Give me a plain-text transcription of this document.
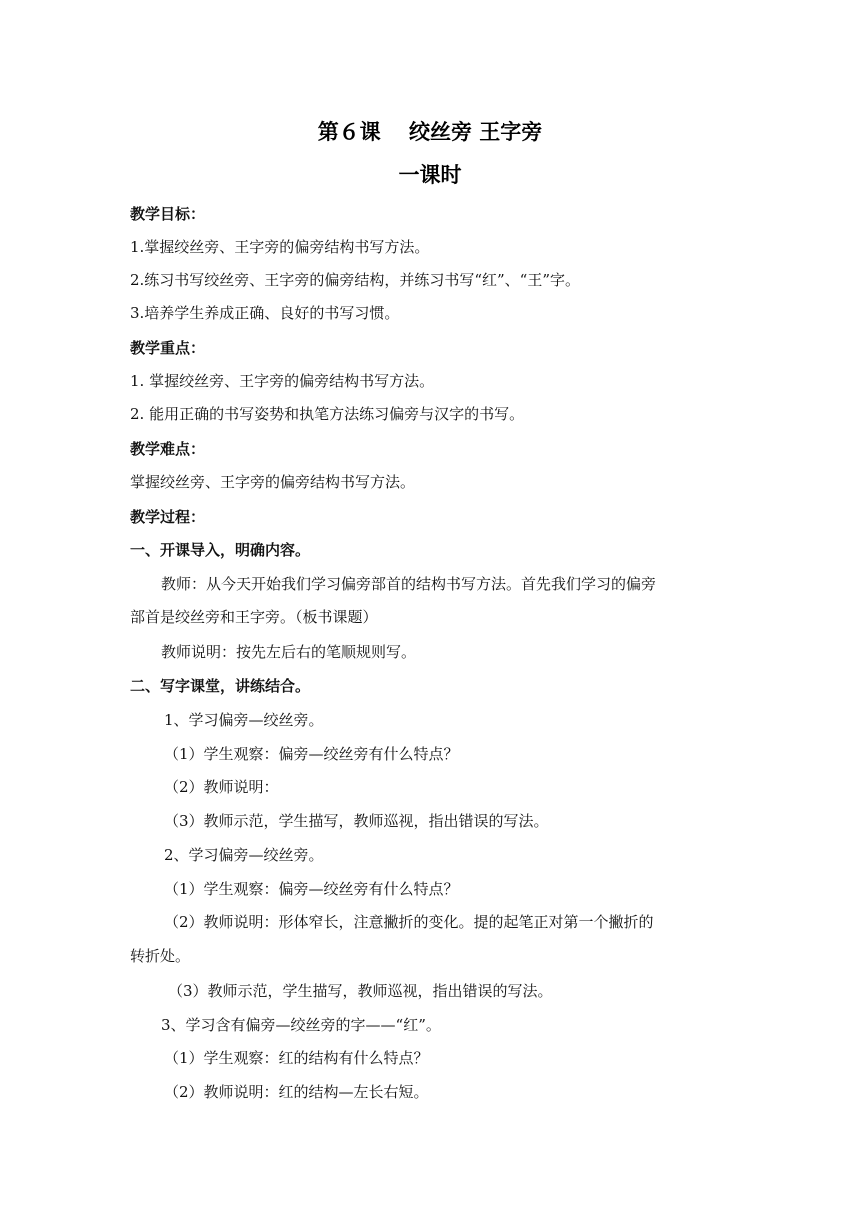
第６课　 绞丝旁 王字旁
一课时
教学目标：
1.掌握绞丝旁、王字旁的偏旁结构书写方法。
2.练习书写绞丝旁、王字旁的偏旁结构，并练习书写“红”、“王”字。
3.培养学生养成正确、良好的书写习惯。
教学重点：
1. 掌握绞丝旁、王字旁的偏旁结构书写方法。
2. 能用正确的书写姿势和执笔方法练习偏旁与汉字的书写。
教学难点：
掌握绞丝旁、王字旁的偏旁结构书写方法。
教学过程：
一、开课导入，明确内容。
教师：从今天开始我们学习偏旁部首的结构书写方法。首先我们学习的偏旁
部首是绞丝旁和王字旁。（板书课题）
教师说明：按先左后右的笔顺规则写。
二、写字课堂，讲练结合。
1、学习偏旁—绞丝旁。
（1）学生观察：偏旁—绞丝旁有什么特点？
（2）教师说明：
（3）教师示范，学生描写，教师巡视，指出错误的写法。
2、学习偏旁—绞丝旁。
（1）学生观察：偏旁—绞丝旁有什么特点？
（2）教师说明：形体窄长，注意撇折的变化。提的起笔正对第一个撇折的
转折处。
（3）教师示范，学生描写，教师巡视，指出错误的写法。
3、学习含有偏旁—绞丝旁的字——“红”。
（1）学生观察：红的结构有什么特点？
（2）教师说明：红的结构—左长右短。
